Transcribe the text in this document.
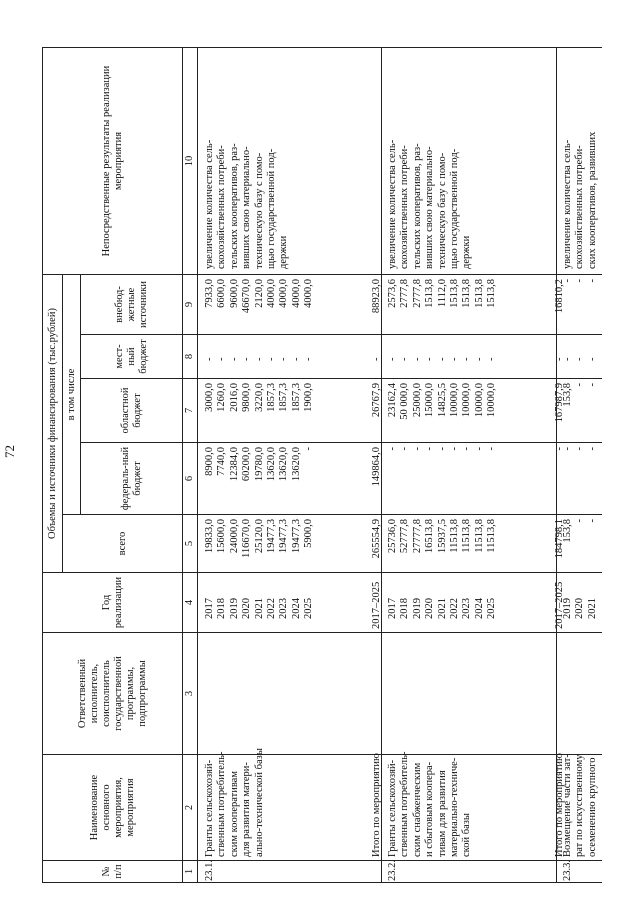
72
№ п/п
Наименование основного мероприятия, мероприятия
Ответственный исполнитель, соисполнитель государственной программы, подпрограммы
Год реализации
Объемы и источники финансирования (тыс.рублей)
всего
в том числе
федераль-ный бюджет
областной бюджет
мест-ный бюджет
внебюд-жетные источники
Непосредственные результаты реализации мероприятия
1
2
3
4
5
6
7
8
9
10
23.1.
Гранты сельскохозяй- ственным потребитель- ским кооперативам для развития матери- ально-технической базы
2017
19833,0
8900,0
3000,0
-
7933,0
2018
15600,0
7740,0
1260,0
-
6600,0
2019
24000,0
12384,0
2016,0
-
9600,0
2020
116670,0
60200,0
9800,0
-
46670,0
2021
25120,0
19780,0
3220,0
-
2120,0
2022
19477,3
13620,0
1857,3
-
4000,0
2023
19477,3
13620,0
1857,3
-
4000,0
2024
19477,3
13620,0
1857,3
-
4000,0
2025
5900,0
-
1900,0
-
4000,0
увеличение количества сель- скохозяйственных потреби- тельских кооперативов, раз- вивших свою материально- техническую базу с помо- щью государственной под- держки
Итого по мероприятию
2017–2025
265554,9
149864,0
26767,9
-
88923,0
23.2.
Гранты сельскохозяй- ственным потребитель- ским снабженческим и сбытовым коопера- тивам для развития материально-техниче- ской базы
2017
25736,0
-
23162,4
-
2573,6
2018
52777,8
-
50 000,0
-
2777,8
2019
27777,8
-
25000,0
-
2777,8
2020
16513,8
-
15000,0
-
1513,8
2021
15937,5
-
14825,5
-
1112,0
2022
11513,8
-
10000,0
-
1513,8
2023
11513,8
-
10000,0
-
1513,8
2024
11513,8
-
10000,0
-
1513,8
2025
11513,8
-
10000,0
-
1513,8
увеличение количества сель- скохозяйственных потреби- тельских кооперативов, раз- вивших свою материально- техническую базу с помо- щью государственной под- держки
Итого по мероприятию
2017–2025
184798,1
-
167987,9
-
16810,2
23.3.
Возмещение части зат- рат по искусственному осеменению крупного
2019
153,8
-
153,8
-
-
2020
-
-
-
-
-
2021
-
-
-
-
-
увеличение количества сель- скохозяйственных потреби- ских кооперативов, развивших
